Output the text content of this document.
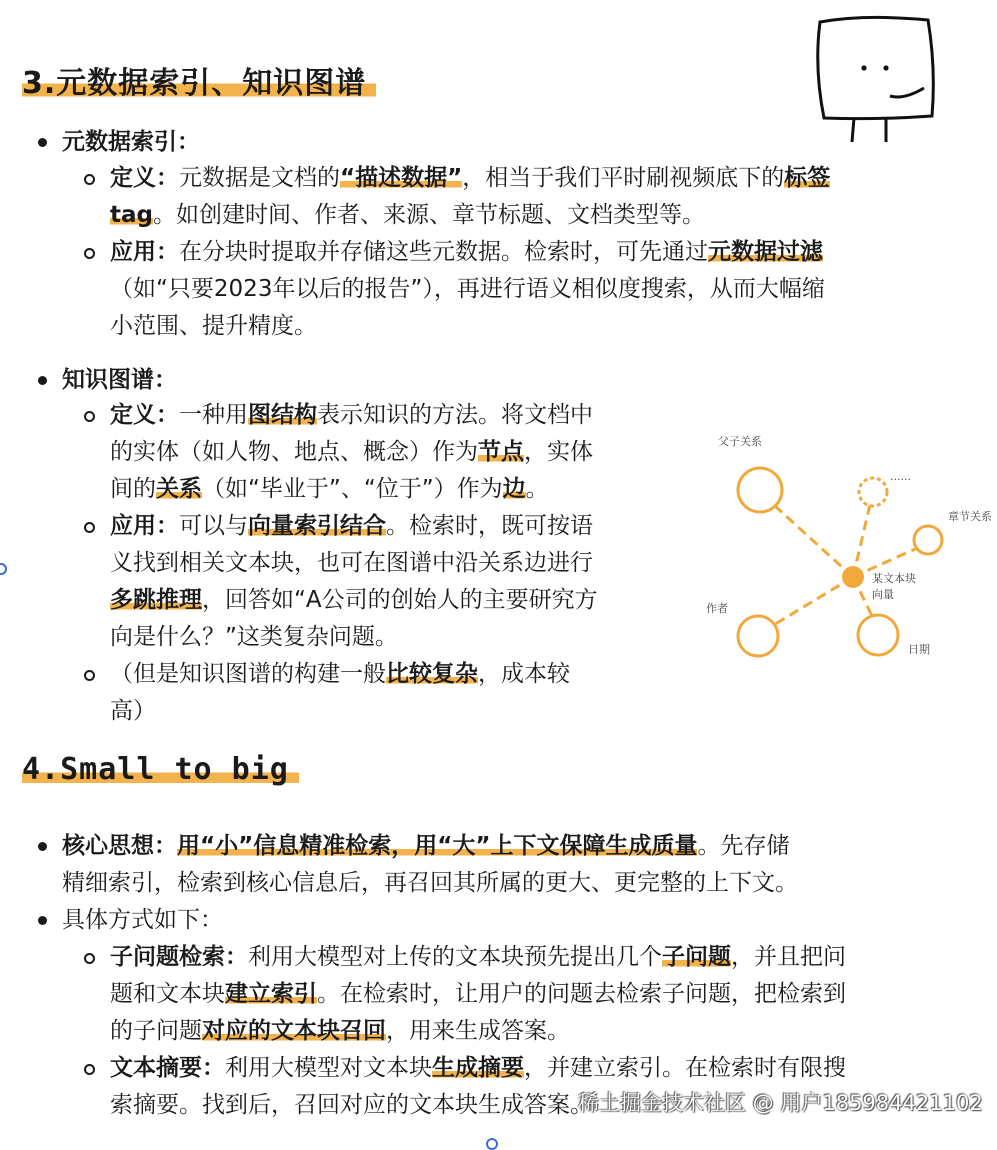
3.元数据索引、知识图谱
元数据索引：
定义：元数据是文档的“描述数据”，相当于我们平时刷视频底下的标签
tag。如创建时间、作者、来源、章节标题、文档类型等。
应用：在分块时提取并存储这些元数据。检索时，可先通过元数据过滤
（如“只要2023年以后的报告”），再进行语义相似度搜索，从而大幅缩
小范围、提升精度。
知识图谱：
定义：一种用图结构表示知识的方法。将文档中
的实体（如人物、地点、概念）作为节点，实体
间的关系（如“毕业于”、“位于”）作为边。
应用：可以与向量索引结合。检索时，既可按语
义找到相关文本块，也可在图谱中沿关系边进行
多跳推理，回答如“A公司的创始人的主要研究方
向是什么？”这类复杂问题。
（但是知识图谱的构建一般比较复杂，成本较
高）
父子关系
......
章节关系
某文本块
向量
作者
日期
4.Small to big
核心思想：用“小”信息精准检索，用“大”上下文保障生成质量。先存储
精细索引，检索到核心信息后，再召回其所属的更大、更完整的上下文。
具体方式如下：
子问题检索：利用大模型对上传的文本块预先提出几个子问题，并且把问
题和文本块建立索引。在检索时，让用户的问题去检索子问题，把检索到
的子问题对应的文本块召回，用来生成答案。
文本摘要：利用大模型对文本块生成摘要，并建立索引。在检索时有限搜
索摘要。找到后，召回对应的文本块生成答案。
稀土掘金技术社区 @ 用户1859844211​02
